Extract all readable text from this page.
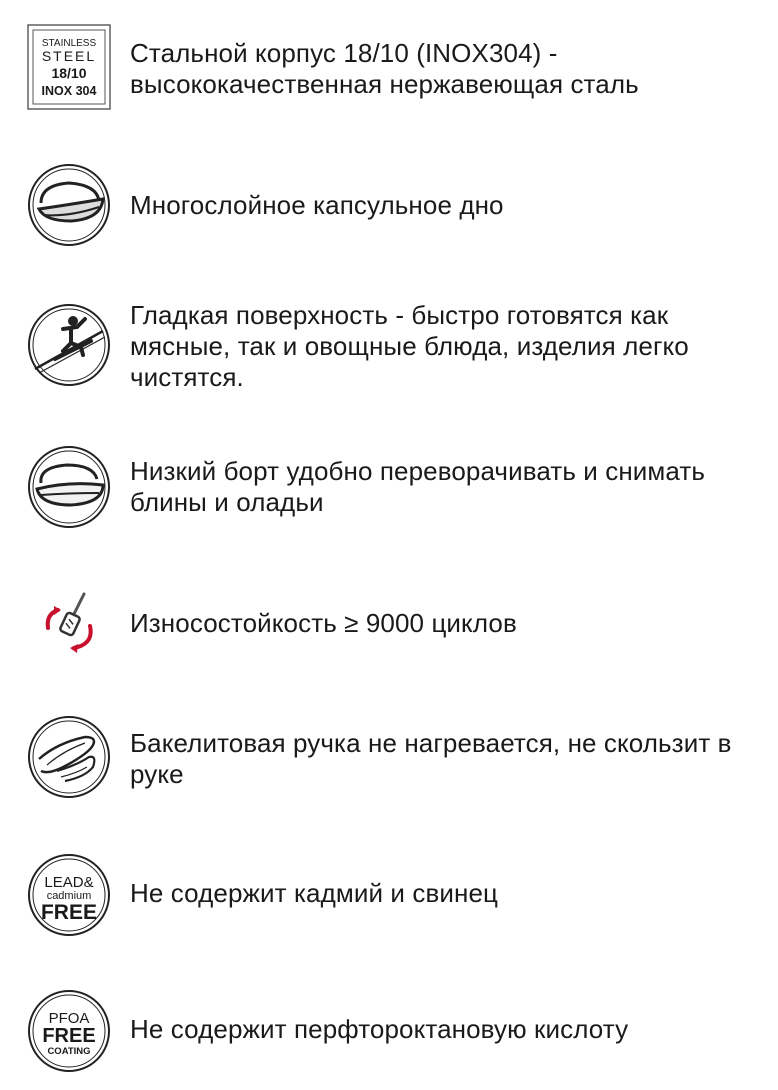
STAINLESS
STEEL
18/10
INOX 304
Стальной корпус 18/10 (INOX304) - высококачественная нержавеющая сталь
Многослойное капсульное дно
Гладкая поверхность - быстро готовятся как мясные, так и овощные блюда, изделия легко чистятся.
Низкий борт удобно переворачивать и снимать блины и оладьи
Износостойкость ≥ 9000 циклов
Бакелитовая ручка не нагревается, не скользит в руке
LEAD&
cadmium
FREE
Не содержит кадмий и свинец
PFOA
FREE
COATING
Не содержит перфтороктановую кислоту
